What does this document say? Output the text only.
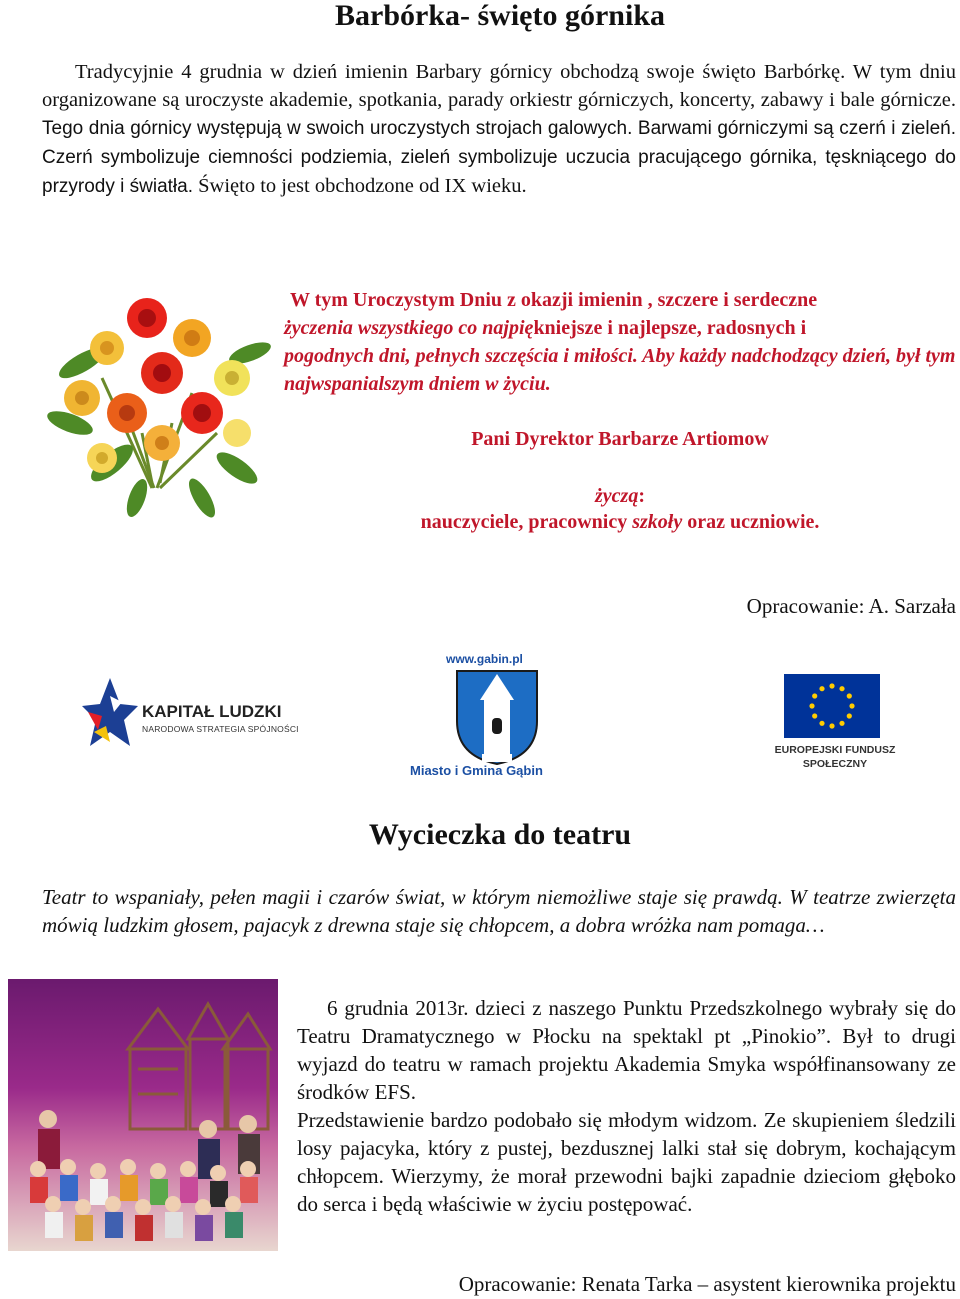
Barbórka- święto górnika
Tradycyjnie 4 grudnia w dzień imienin Barbary górnicy obchodzą swoje święto Barbórkę. W tym dniu organizowane są uroczyste akademie, spotkania, parady orkiestr górniczych, koncerty, zabawy i bale górnicze. Tego dnia górnicy występują w swoich uroczystych strojach galowych. Barwami górniczymi są czerń i zieleń. Czerń symbolizuje ciemności podziemia, zieleń symbolizuje uczucia pracującego górnika, tęskniącego do przyrody i światła. Święto to jest obchodzone od IX wieku.
W tym Uroczystym Dniu z okazji imienin , szczere i serdeczne
życzenia wszystkiego co najpiękniejsze i najlepsze, radosnych i
pogodnych dni, pełnych szczęścia i miłości. Aby każdy nadchodzący dzień, był tym najwspanialszym dniem w życiu.
Pani Dyrektor Barbarze Artiomow
życzą:
nauczyciele, pracownicy szkoły oraz uczniowie.
Opracowanie: A. Sarzała
KAPITAŁ LUDZKI
NARODOWA STRATEGIA SPÓJNOŚCI
www.gabin.pl
Miasto i Gmina Gąbin
EUROPEJSKI FUNDUSZ
SPOŁECZNY
Wycieczka do teatru
Teatr to wspaniały, pełen magii i czarów świat, w którym niemożliwe staje się prawdą. W teatrze zwierzęta mówią ludzkim głosem, pajacyk z drewna staje się chłopcem, a dobra wróżka nam pomaga…
6 grudnia 2013r. dzieci z naszego Punktu Przedszkolnego wybrały się do Teatru Dramatycznego w Płocku na spektakl pt „Pinokio”. Był to drugi wyjazd do teatru w ramach projektu Akademia Smyka współfinansowany ze środków EFS.
Przedstawienie bardzo podobało się młodym widzom. Ze skupieniem śledzili losy pajacyka, który z pustej, bezdusznej lalki stał się dobrym, kochającym chłopcem. Wierzymy, że morał przewodni bajki zapadnie dzieciom głęboko do serca i będą właściwie w życiu postępować.
Opracowanie: Renata Tarka – asystent kierownika projektu
